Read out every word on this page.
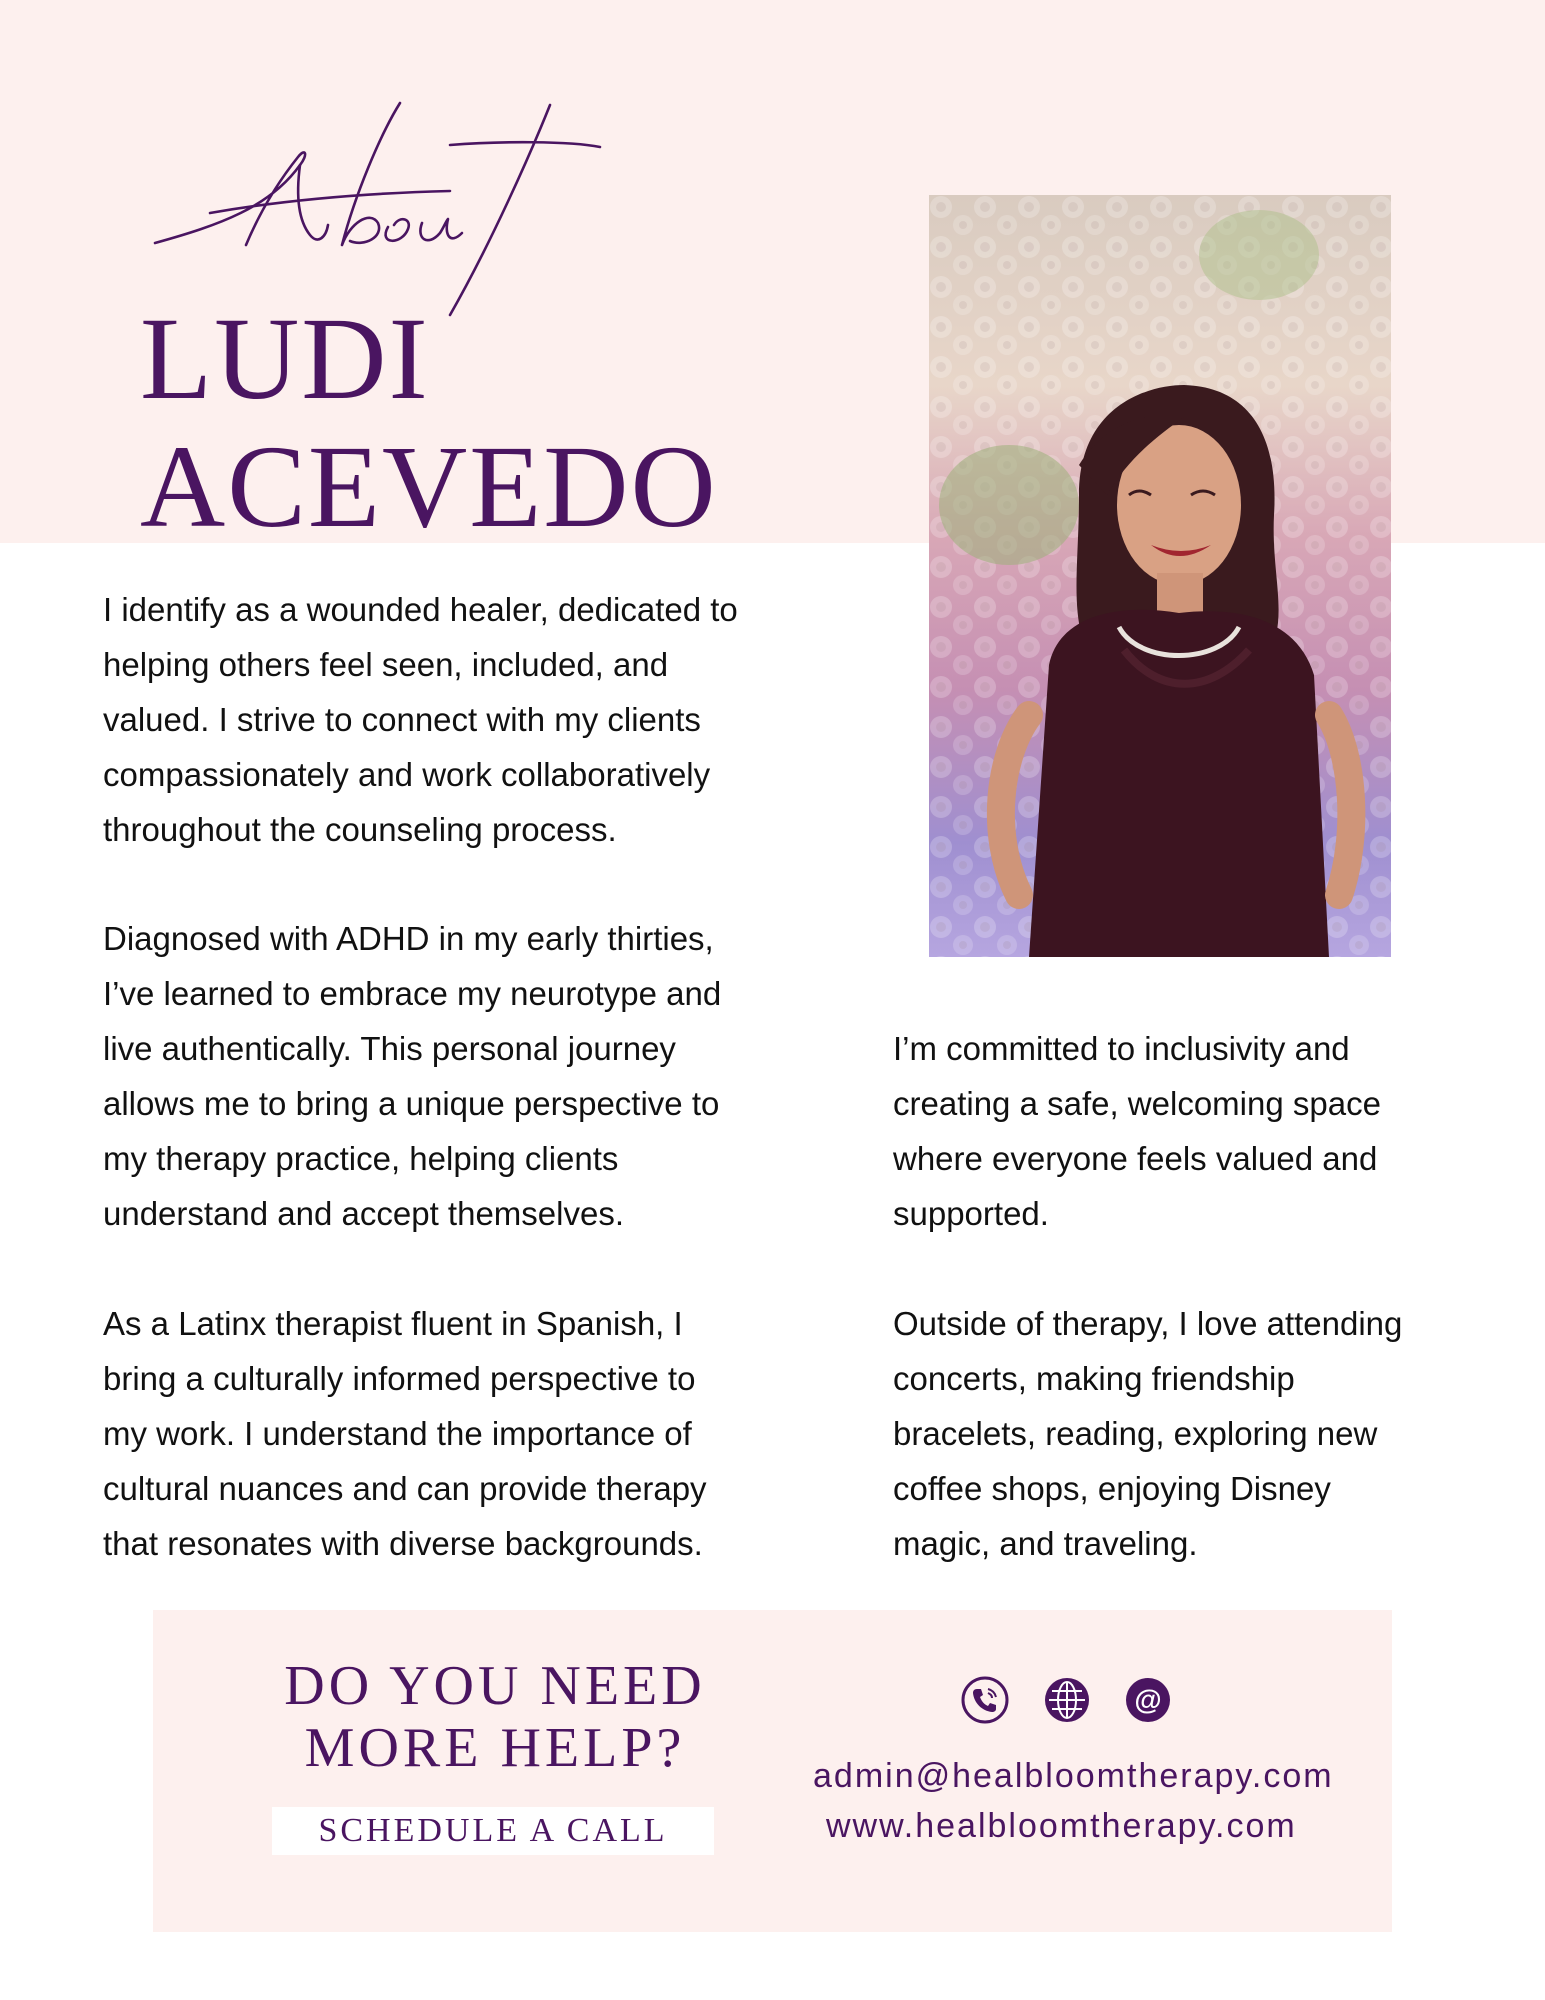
LUDI
ACEVEDO

I identify as a wounded healer, dedicated to
helping others feel seen, included, and
valued. I strive to connect with my clients
compassionately and work collaboratively
throughout the counseling process.

Diagnosed with ADHD in my early thirties,
I’ve learned to embrace my neurotype and
live authentically. This personal journey
allows me to bring a unique perspective to
my therapy practice, helping clients
understand and accept themselves.

As a Latinx therapist fluent in Spanish, I
bring a culturally informed perspective to
my work. I understand the importance of
cultural nuances and can provide therapy
that resonates with diverse backgrounds.

I’m committed to inclusivity and
creating a safe, welcoming space
where everyone feels valued and
supported.

Outside of therapy, I love attending
concerts, making friendship
bracelets, reading, exploring new
coffee shops, enjoying Disney
magic, and traveling.

DO YOU NEED
MORE HELP?

SCHEDULE A CALL
@
admin@healbloomtherapy.com
www.healbloomtherapy.com
